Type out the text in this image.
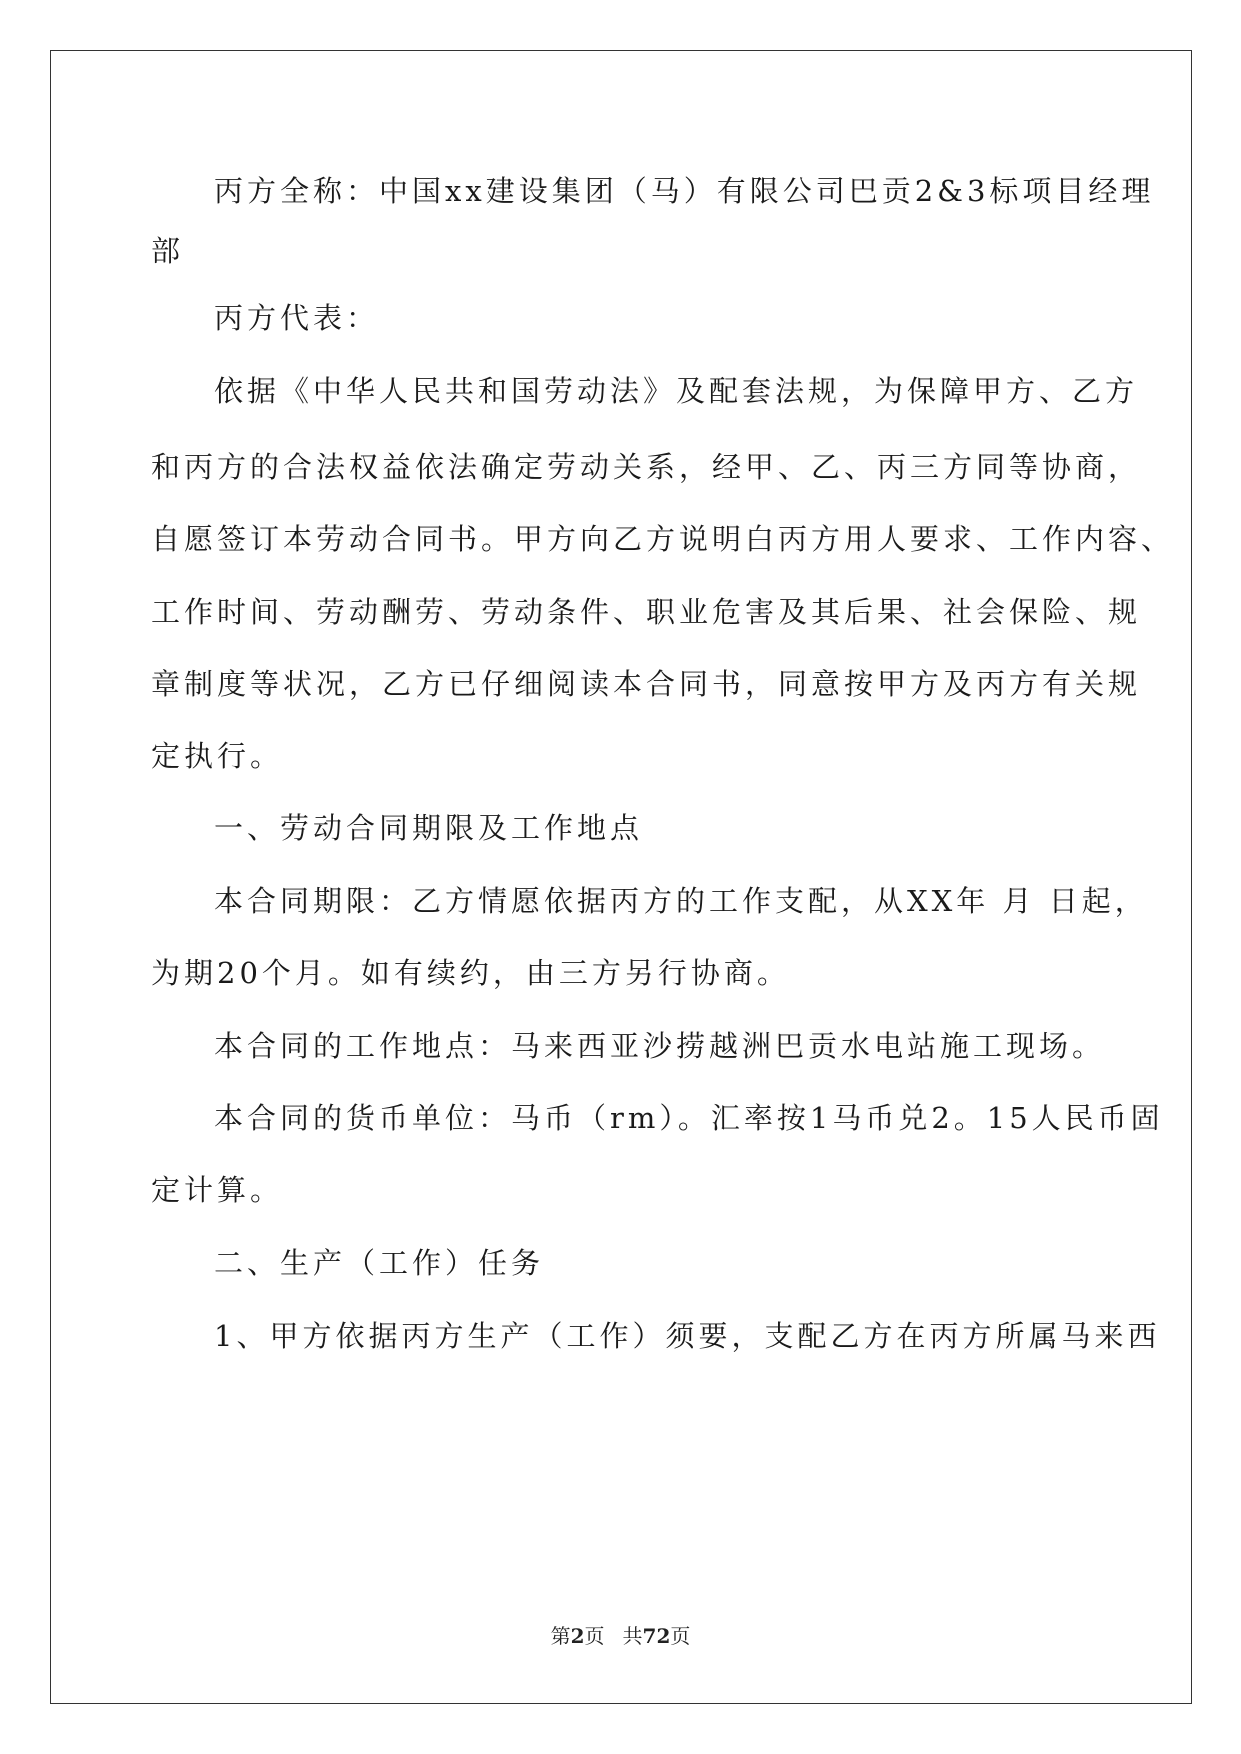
丙方全称：中国xx建设集团（马）有限公司巴贡2&3标项目经理
部
丙方代表：
依据《中华人民共和国劳动法》及配套法规，为保障甲方、乙方
和丙方的合法权益依法确定劳动关系，经甲、乙、丙三方同等协商，
自愿签订本劳动合同书。甲方向乙方说明白丙方用人要求、工作内容、
工作时间、劳动酬劳、劳动条件、职业危害及其后果、社会保险、规
章制度等状况，乙方已仔细阅读本合同书，同意按甲方及丙方有关规
定执行。
一、劳动合同期限及工作地点
本合同期限：乙方情愿依据丙方的工作支配，从XX年 月 日起，
为期20个月。如有续约，由三方另行协商。
本合同的工作地点：马来西亚沙捞越洲巴贡水电站施工现场。
本合同的货币单位：马币（rm）。汇率按1马币兑2。15人民币固
定计算。
二、生产（工作）任务
1、甲方依据丙方生产（工作）须要，支配乙方在丙方所属马来西
第2页 共72页
